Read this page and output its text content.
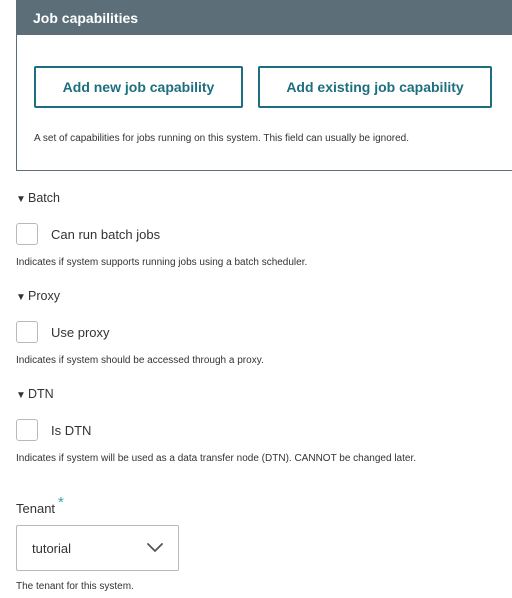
Job capabilities
Add new job capability	Add existing job capability
A set of capabilities for jobs running on this system. This field can usually be ignored.
▼ Batch
Can run batch jobs
Indicates if system supports running jobs using a batch scheduler.
▼ Proxy
Use proxy
Indicates if system should be accessed through a proxy.
▼ DTN
Is DTN
Indicates if system will be used as a data transfer node (DTN). CANNOT be changed later.
Tenant *
tutorial
The tenant for this system.
